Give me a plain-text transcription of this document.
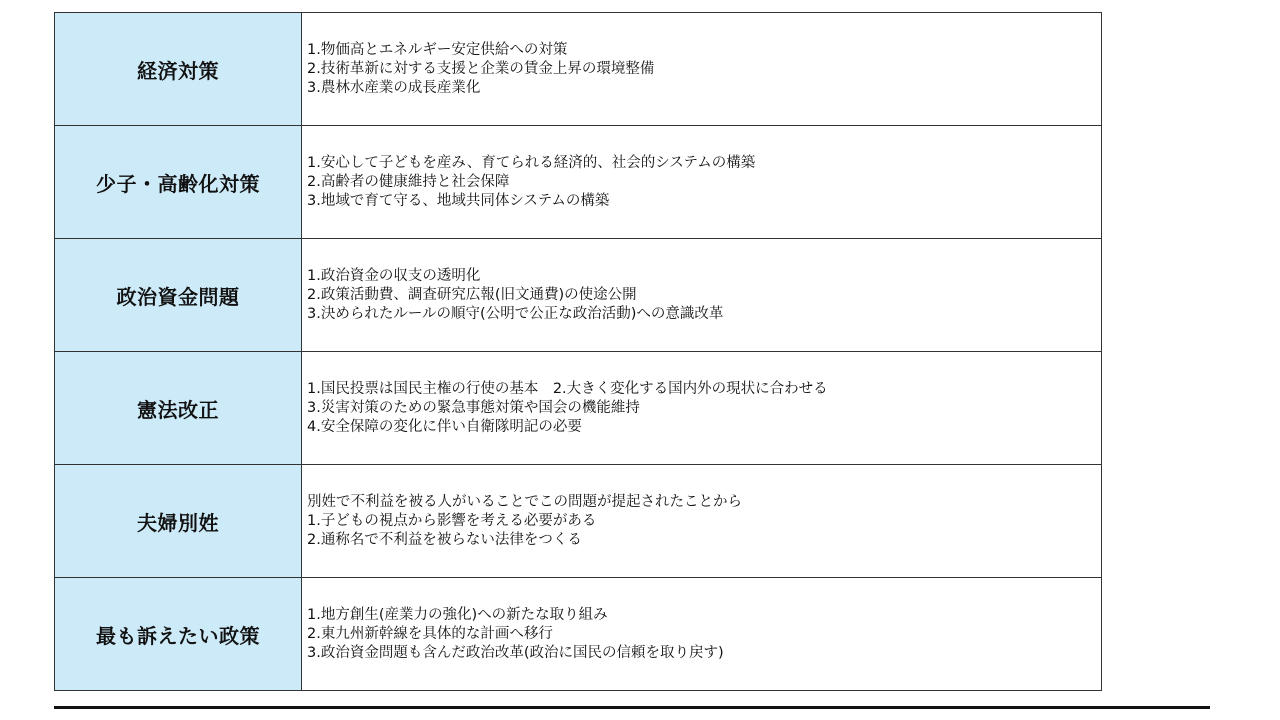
経済対策	1.物価高とエネルギー安定供給への対策
2.技術革新に対する支援と企業の賃金上昇の環境整備
3.農林水産業の成長産業化

少子・高齢化対策	1.安心して子どもを産み、育てられる経済的、社会的システムの構築
2.高齢者の健康維持と社会保障
3.地域で育て守る、地域共同体システムの構築

政治資金問題	1.政治資金の収支の透明化
2.政策活動費、調査研究広報(旧文通費)の使途公開
3.決められたルールの順守(公明で公正な政治活動)への意識改革

憲法改正	1.国民投票は国民主権の行使の基本　2.大きく変化する国内外の現状に合わせる
3.災害対策のための緊急事態対策や国会の機能維持
4.安全保障の変化に伴い自衛隊明記の必要

夫婦別姓	別姓で不利益を被る人がいることでこの問題が提起されたことから
1.子どもの視点から影響を考える必要がある
2.通称名で不利益を被らない法律をつくる

最も訴えたい政策	1.地方創生(産業力の強化)への新たな取り組み
2.東九州新幹線を具体的な計画へ移行
3.政治資金問題も含んだ政治改革(政治に国民の信頼を取り戻す)
